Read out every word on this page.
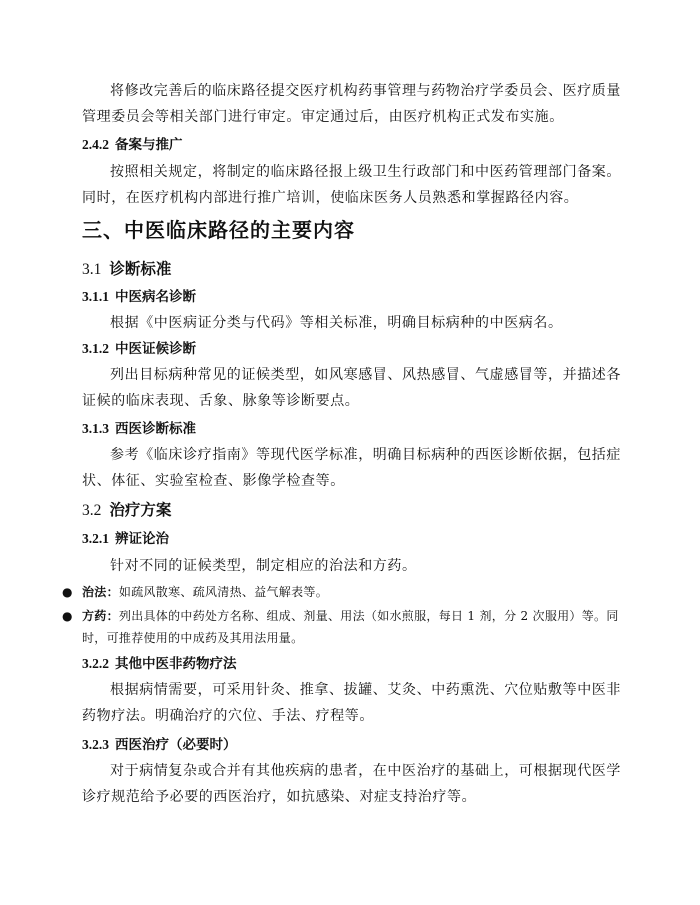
将修改完善后的临床路径提交医疗机构药事管理与药物治疗学委员会、医疗质量管理委员会等相关部门进行审定。审定通过后，由医疗机构正式发布实施。

2.4.2 备案与推广

按照相关规定，将制定的临床路径报上级卫生行政部门和中医药管理部门备案。同时，在医疗机构内部进行推广培训，使临床医务人员熟悉和掌握路径内容。

三、中医临床路径的主要内容
3.1 诊断标准
3.1.1 中医病名诊断

根据《中医病证分类与代码》等相关标准，明确目标病种的中医病名。

3.1.2 中医证候诊断

列出目标病种常见的证候类型，如风寒感冒、风热感冒、气虚感冒等，并描述各证候的临床表现、舌象、脉象等诊断要点。

3.1.3 西医诊断标准

参考《临床诊疗指南》等现代医学标准，明确目标病种的西医诊断依据，包括症状、体征、实验室检查、影像学检查等。

3.2 治疗方案
3.2.1 辨证论治

针对不同的证候类型，制定相应的治法和方药。

● 治法：如疏风散寒、疏风清热、益气解表等。

● 方药：列出具体的中药处方名称、组成、剂量、用法（如水煎服，每日 1 剂，分 2 次服用）等。同时，可推荐使用的中成药及其用法用量。

3.2.2 其他中医非药物疗法

根据病情需要，可采用针灸、推拿、拔罐、艾灸、中药熏洗、穴位贴敷等中医非药物疗法。明确治疗的穴位、手法、疗程等。

3.2.3 西医治疗（必要时）

对于病情复杂或合并有其他疾病的患者，在中医治疗的基础上，可根据现代医学诊疗规范给予必要的西医治疗，如抗感染、对症支持治疗等。
